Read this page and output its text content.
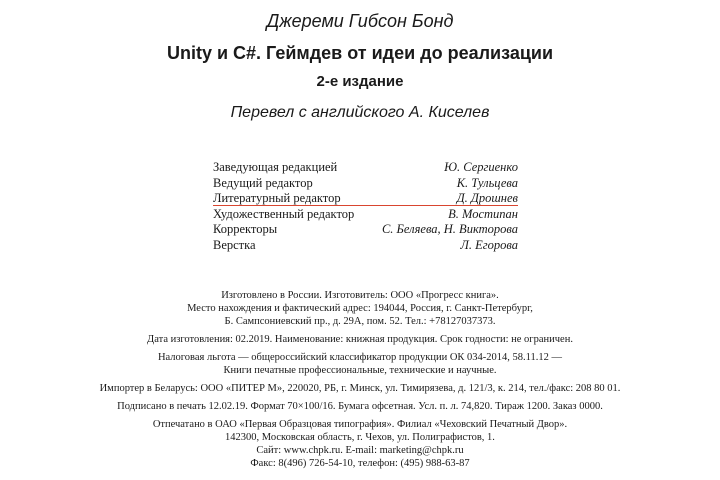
Джереми Гибсон Бонд
Unity и C#. Геймдев от идеи до реализации
2-е издание
Перевел с английского А. Киселев
Заведующая редакцией	Ю. Сергиенко
Ведущий редактор	К. Тульцева
Литературный редактор	Д. Дрошнев
Художественный редактор	В. Мостипан
Корректоры	С. Беляева, Н. Викторова
Верстка	Л. Егорова
Изготовлено в России. Изготовитель: ООО «Прогресс книга».
Место нахождения и фактический адрес: 194044, Россия, г. Санкт-Петербург,
Б. Сампсониевский пр., д. 29А, пом. 52. Тел.: +78127037373.
Дата изготовления: 02.2019. Наименование: книжная продукция. Срок годности: не ограничен.
Налоговая льгота — общероссийский классификатор продукции ОК 034-2014, 58.11.12 —
Книги печатные профессиональные, технические и научные.
Импортер в Беларусь: ООО «ПИТЕР М», 220020, РБ, г. Минск, ул. Тимирязева, д. 121/3, к. 214, тел./факс: 208 80 01.
Подписано в печать 12.02.19. Формат 70×100/16. Бумага офсетная. Усл. п. л. 74,820. Тираж 1200. Заказ 0000.
Отпечатано в ОАО «Первая Образцовая типография». Филиал «Чеховский Печатный Двор».
142300, Московская область, г. Чехов, ул. Полиграфистов, 1.
Сайт: www.chpk.ru. E-mail: marketing@chpk.ru
Факс: 8(496) 726-54-10, телефон: (495) 988-63-87
